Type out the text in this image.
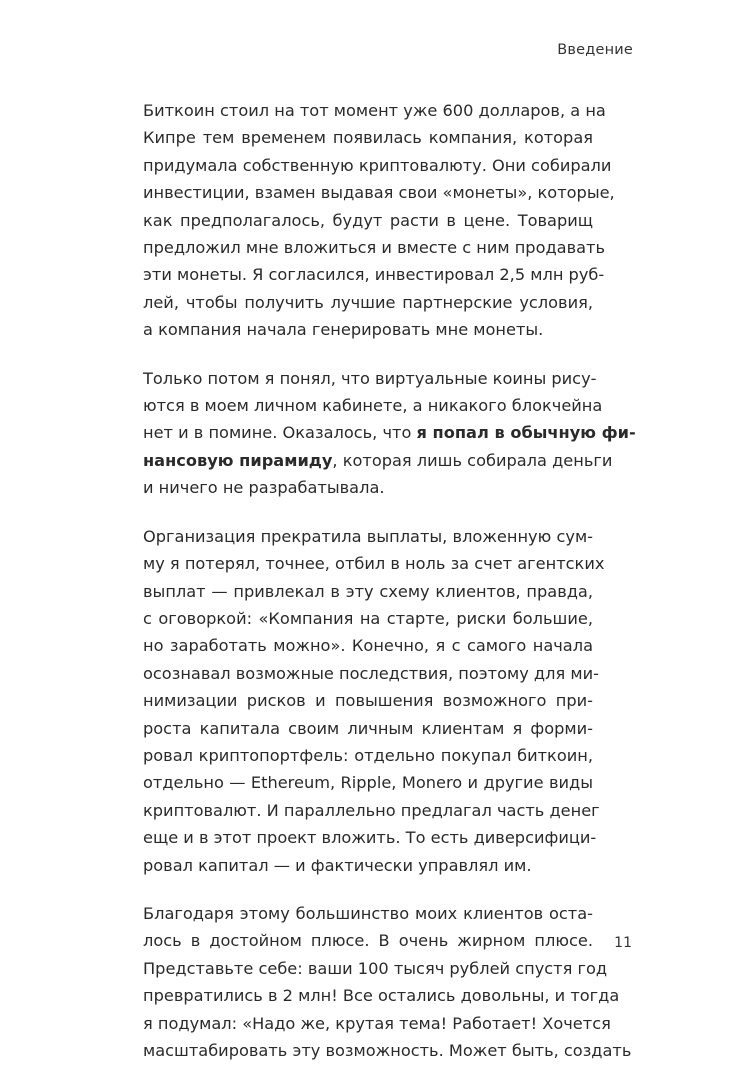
Введение

Биткоин стоил на тот момент уже 600 долларов, а на
Кипре тем временем появилась компания, которая
придумала собственную криптовалюту. Они собирали
инвестиции, взамен выдавая свои «монеты», которые,
как предполагалось, будут расти в цене. Товарищ
предложил мне вложиться и вместе с ним продавать
эти монеты. Я согласился, инвестировал 2,5 млн руб-
лей, чтобы получить лучшие партнерские условия,
а компания начала генерировать мне монеты.

Только потом я понял, что виртуальные коины рису-
ются в моем личном кабинете, а никакого блокчейна
нет и в помине. Оказалось, что я попал в обычную фи-
нансовую пирамиду, которая лишь собирала деньги
и ничего не разрабатывала.

Организация прекратила выплаты, вложенную сум-
му я потерял, точнее, отбил в ноль за счет агентских
выплат — привлекал в эту схему клиентов, правда,
с оговоркой: «Компания на старте, риски большие,
но заработать можно». Конечно, я с самого начала
осознавал возможные последствия, поэтому для ми-
нимизации рисков и повышения возможного при-
роста капитала своим личным клиентам я форми-
ровал криптопортфель: отдельно покупал биткоин,
отдельно — Ethereum, Ripple, Monero и другие виды
криптовалют. И параллельно предлагал часть денег
еще и в этот проект вложить. То есть диверсифици-
ровал капитал — и фактически управлял им.

Благодаря этому большинство моих клиентов оста-
лось в достойном плюсе. В очень жирном плюсе.
Представьте себе: ваши 100 тысяч рублей спустя год
превратились в 2 млн! Все остались довольны, и тогда
я подумал: «Надо же, крутая тема! Работает! Хочется
масштабировать эту возможность. Может быть, создать

11
